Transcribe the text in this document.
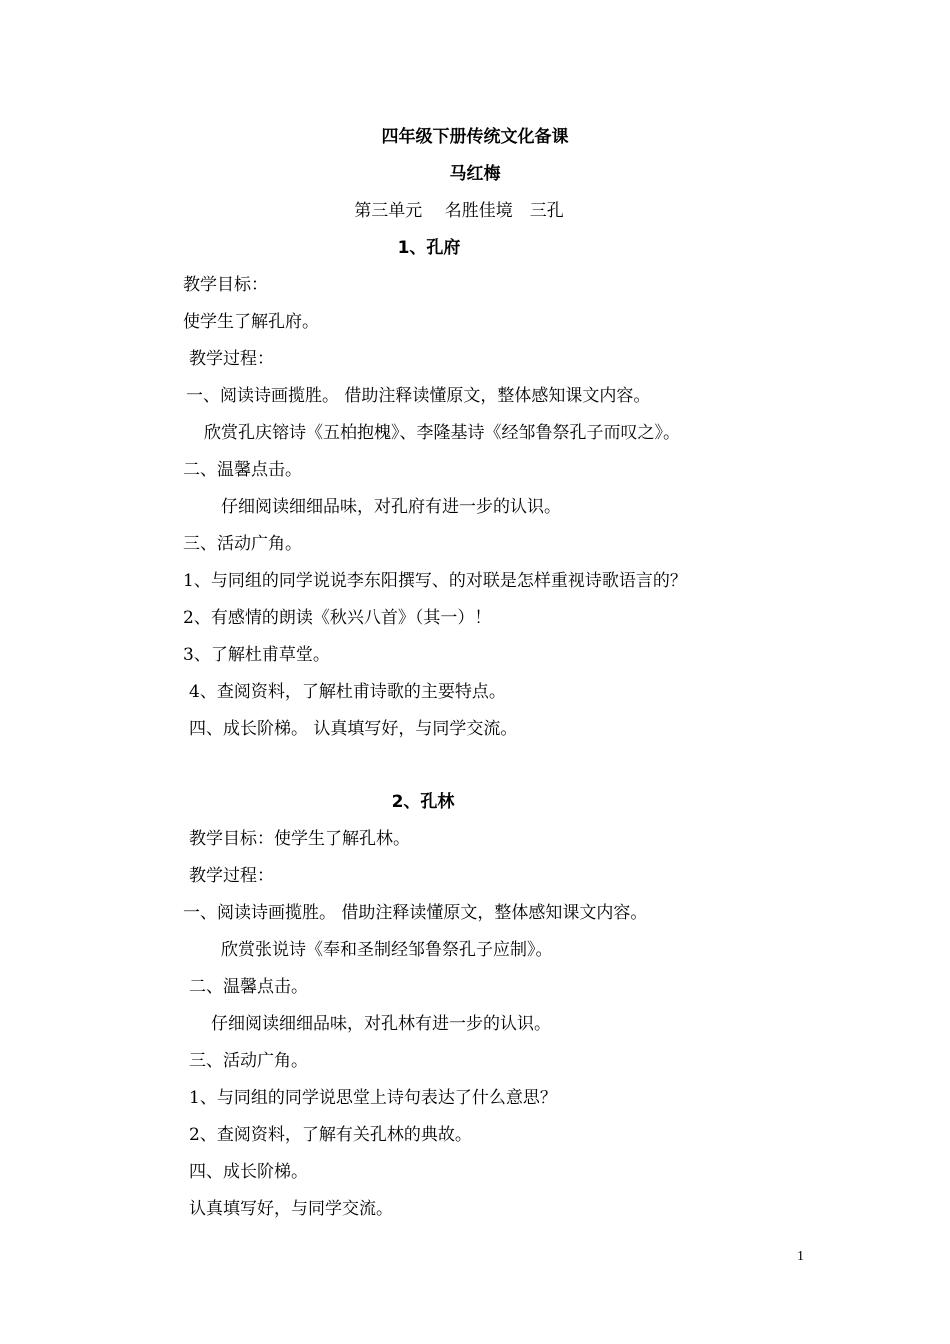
四年级下册传统文化备课
马红梅
第三单元　 名胜佳境　三孔
1、孔府
教学目标：
使学生了解孔府。
教学过程：
一、阅读诗画揽胜。 借助注释读懂原文，整体感知课文内容。
欣赏孔庆镕诗《五柏抱槐》、李隆基诗《经邹鲁祭孔子而叹之》。
二、温馨点击。
仔细阅读细细品味，对孔府有进一步的认识。
三、活动广角。
1、与同组的同学说说李东阳撰写、的对联是怎样重视诗歌语言的？
2、有感情的朗读《秋兴八首》（其一）！
3、了解杜甫草堂。
4、查阅资料，了解杜甫诗歌的主要特点。
四、成长阶梯。 认真填写好，与同学交流。
2、孔林
教学目标：使学生了解孔林。
教学过程：
一、阅读诗画揽胜。 借助注释读懂原文，整体感知课文内容。
欣赏张说诗《奉和圣制经邹鲁祭孔子应制》。
二、温馨点击。
仔细阅读细细品味，对孔林有进一步的认识。
三、活动广角。
1、与同组的同学说思堂上诗句表达了什么意思？
2、查阅资料，了解有关孔林的典故。
四、成长阶梯。
认真填写好，与同学交流。
1
